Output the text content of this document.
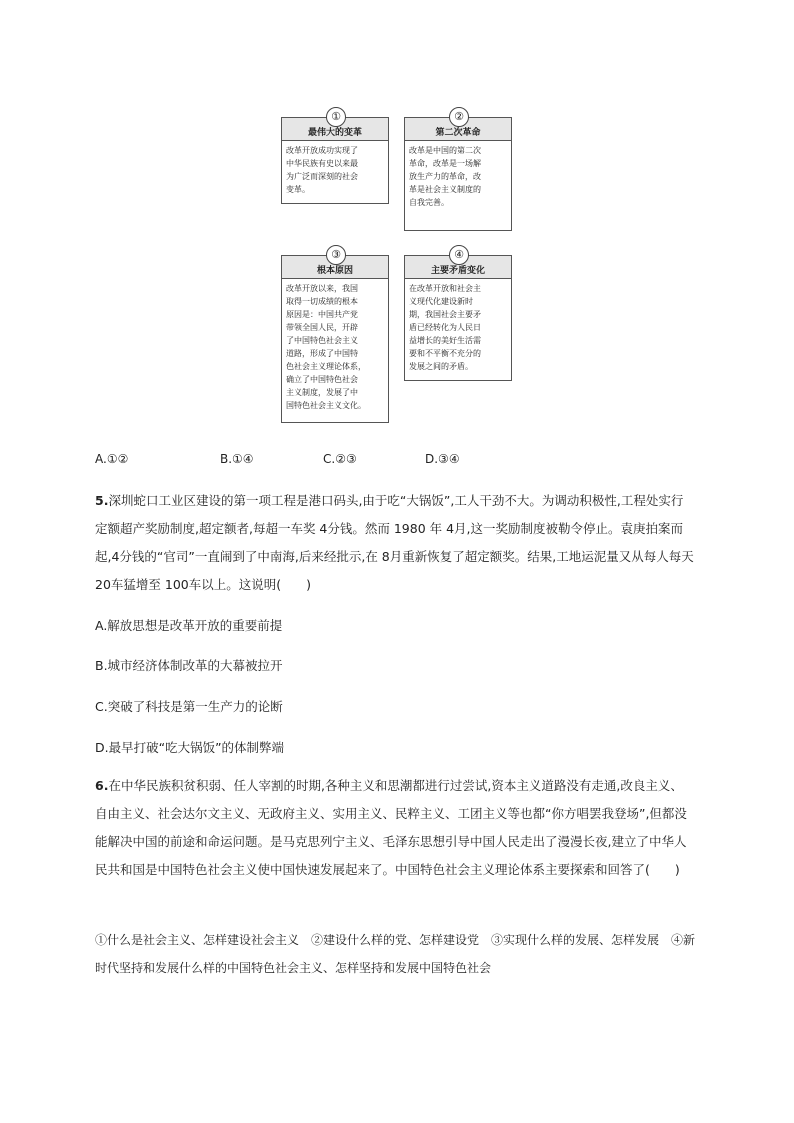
①
最伟大的变革
改革开放成功实现了
中华民族有史以来最
为广泛而深刻的社会
变革。
②
第二次革命
改革是中国的第二次
革命，改革是一场解
放生产力的革命，改
革是社会主义制度的
自我完善。
③
根本原因
改革开放以来，我国
取得一切成绩的根本
原因是：中国共产党
带领全国人民，开辟
了中国特色社会主义
道路，形成了中国特
色社会主义理论体系，
确立了中国特色社会
主义制度，发展了中
国特色社会主义文化。
④
主要矛盾变化
在改革开放和社会主
义现代化建设新时
期，我国社会主要矛
盾已经转化为人民日
益增长的美好生活需
要和不平衡不充分的
发展之间的矛盾。
A.①②	B.①④	C.②③	D.③④
5.深圳蛇口工业区建设的第一项工程是港口码头,由于吃“大锅饭”,工人干劲不大。为调动积极性,工程处实行定额超产奖励制度,超定额者,每超一车奖 4分钱。然而 1980 年 4月,这一奖励制度被勒令停止。袁庚拍案而起,4分钱的“官司”一直闹到了中南海,后来经批示,在 8月重新恢复了超定额奖。结果,工地运泥量又从每人每天 20车猛增至 100车以上。这说明(　　)
A.解放思想是改革开放的重要前提
B.城市经济体制改革的大幕被拉开
C.突破了科技是第一生产力的论断
D.最早打破“吃大锅饭”的体制弊端
6.在中华民族积贫积弱、任人宰割的时期,各种主义和思潮都进行过尝试,资本主义道路没有走通,改良主义、自由主义、社会达尔文主义、无政府主义、实用主义、民粹主义、工团主义等也都“你方唱罢我登场”,但都没能解决中国的前途和命运问题。是马克思列宁主义、毛泽东思想引导中国人民走出了漫漫长夜,建立了中华人民共和国是中国特色社会主义使中国快速发展起来了。中国特色社会主义理论体系主要探索和回答了(　　)
①什么是社会主义、怎样建设社会主义　②建设什么样的党、怎样建设党　③实现什么样的发展、怎样发展　④新时代坚持和发展什么样的中国特色社会主义、怎样坚持和发展中国特色社会
